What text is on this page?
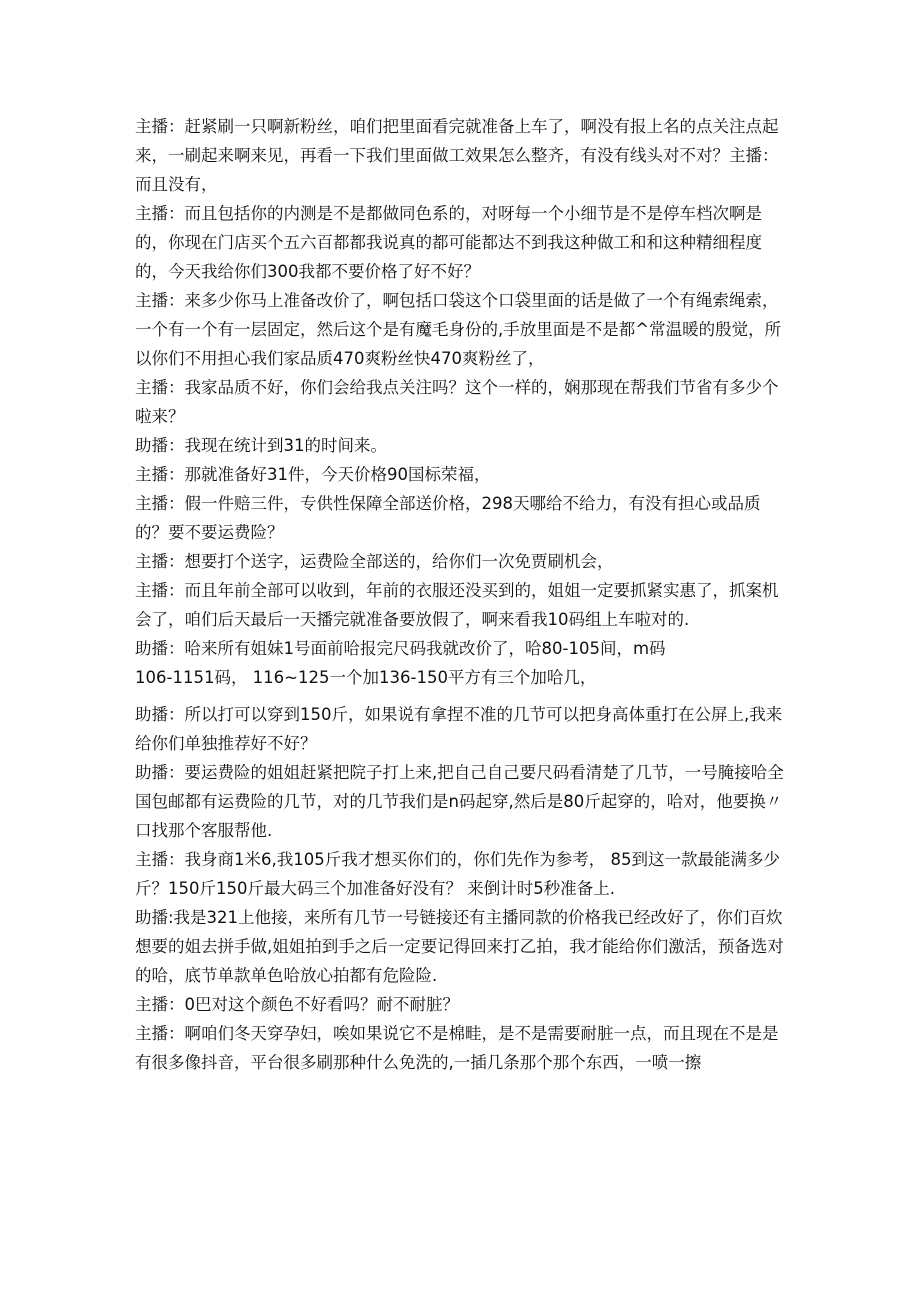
主播：赶紧刷一只啊新粉丝，咱们把里面看完就准备上车了，啊没有报上名的点关注点起来，一刷起来啊来见，再看一下我们里面做工效果怎么整齐，有没有线头对不对？主播：而且没有，

主播：而且包括你的内测是不是都做同色系的，对呀每一个小细节是不是停车档次啊是的，你现在门店买个五六百都都我说真的都可能都达不到我这种做工和和这种精细程度的，今天我给你们300我都不要价格了好不好？

主播：来多少你马上准备改价了，啊包括口袋这个口袋里面的话是做了一个有绳索绳索，一个有一个有一层固定，然后这个是有魔毛身份的,手放里面是不是都^常温暖的殷觉，所以你们不用担心我们家品质470爽粉丝快470爽粉丝了，

主播：我家品质不好，你们会给我点关注吗？这个一样的，娴那现在帮我们节省有多少个啦来？

助播：我现在统计到31的时间来。

主播：那就准备好31件，今天价格90国标荣福，

主播：假一件赔三件，专供性保障全部送价格，298天哪给不给力，有没有担心或品质的？要不要运费险？

主播：想要打个送字，运费险全部送的，给你们一次免贾刷机会，

主播：而且年前全部可以收到，年前的衣服还没买到的，姐姐一定要抓紧实惠了，抓案机会了，咱们后天最后一天播完就准备要放假了，啊来看我10码组上车啦对的.

助播：哈来所有姐妹1号面前哈报完尺码我就改价了，哈80-105间，m码

106-1151码， 116~125一个加136-150平方有三个加哈几，

助播：所以打可以穿到150斤，如果说有拿捏不准的几节可以把身高体重打在公屏上,我来给你们单独推荐好不好？

助播：要运费险的姐姐赶紧把院子打上来,把自己自己要尺码看清楚了几节，一号腌接哈全国包邮都有运费险的几节，对的几节我们是n码起穿,然后是80斤起穿的，哈对，他要换〃口找那个客服帮他.

主播：我身商1米6,我105斤我才想买你们的，你们先作为参考， 85到这一款最能满多少斤？150斤150斤最大码三个加准备好没有？ 来倒计时5秒准备上.

助播:我是321上他接，来所有几节一号链接还有主播同款的价格我已经改好了，你们百炊想要的姐去拼手做,姐姐拍到手之后一定要记得回来打乙拍，我才能给你们激活，预备选对的哈，底节单款单色哈放心拍都有危险险.

主播：0巴对这个颜色不好看吗？耐不耐脏？

主播：啊咱们冬天穿孕妇，唉如果说它不是棉畦，是不是需要耐脏一点，而且现在不是是有很多像抖音，平台很多刷那种什么免洗的,一插几条那个那个东西，一喷一擦
